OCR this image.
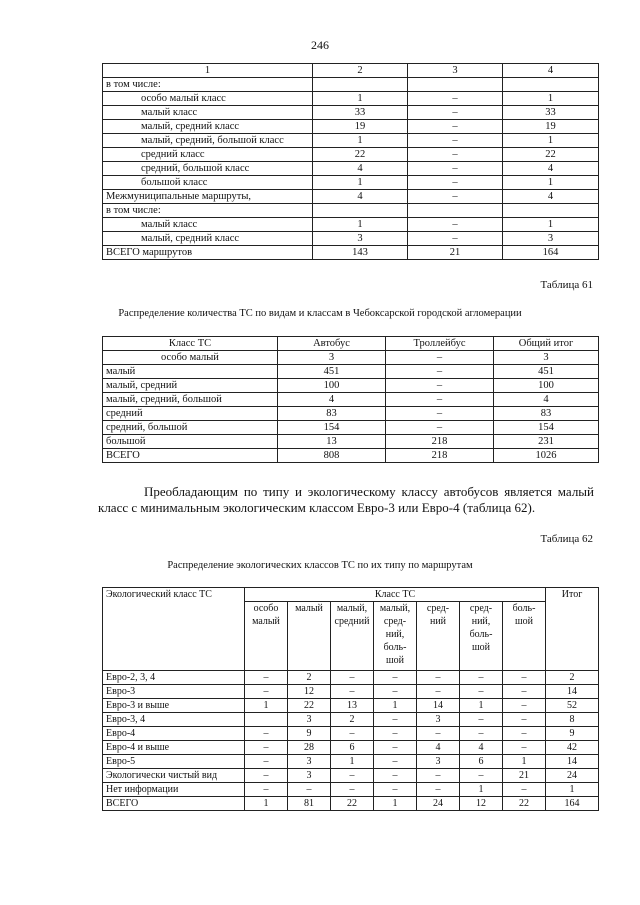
246
1	2	3	4
в том числе:			
особо малый класс	1	–	1
малый класс	33	–	33
малый, средний класс	19	–	19
малый, средний, большой класс	1	–	1
средний класс	22	–	22
средний, большой класс	4	–	4
большой класс	1	–	1
Межмуниципальные маршруты,	4	–	4
в том числе:			
малый класс	1	–	1
малый, средний класс	3	–	3
ВСЕГО маршрутов	143	21	164
Таблица 61
Распределение количества ТС по видам и классам в Чебоксарской городской агломерации
Класс ТС	Автобус	Троллейбус	Общий итог
особо малый	3	–	3
малый	451	–	451
малый, средний	100	–	100
малый, средний, большой	4	–	4
средний	83	–	83
средний, большой	154	–	154
большой	13	218	231
ВСЕГО	808	218	1026
Преобладающим по типу и экологическому классу автобусов является малый класс с минимальным экологическим классом Евро-3 или Евро-4 (таблица 62).
Таблица 62
Распределение экологических классов ТС по их типу по маршрутам
Экологический класс ТС	Класс ТС							Итог
	особо малый	малый	малый, средний	малый, сред-ний, боль-шой	сред-ний	сред-ний, боль-шой	боль-шой	
Евро-2, 3, 4	–	2	–	–	–	–	–	2
Евро-3	–	12	–	–	–	–	–	14
Евро-3 и выше	1	22	13	1	14	1	–	52
Евро-3, 4		3	2	–	3	–	–	8
Евро-4	–	9	–	–	–	–	–	9
Евро-4 и выше	–	28	6	–	4	4	–	42
Евро-5	–	3	1	–	3	6	1	14
Экологически чистый вид	–	3	–	–	–	–	21	24
Нет информации	–	–	–	–	–	1	–	1
ВСЕГО	1	81	22	1	24	12	22	164
